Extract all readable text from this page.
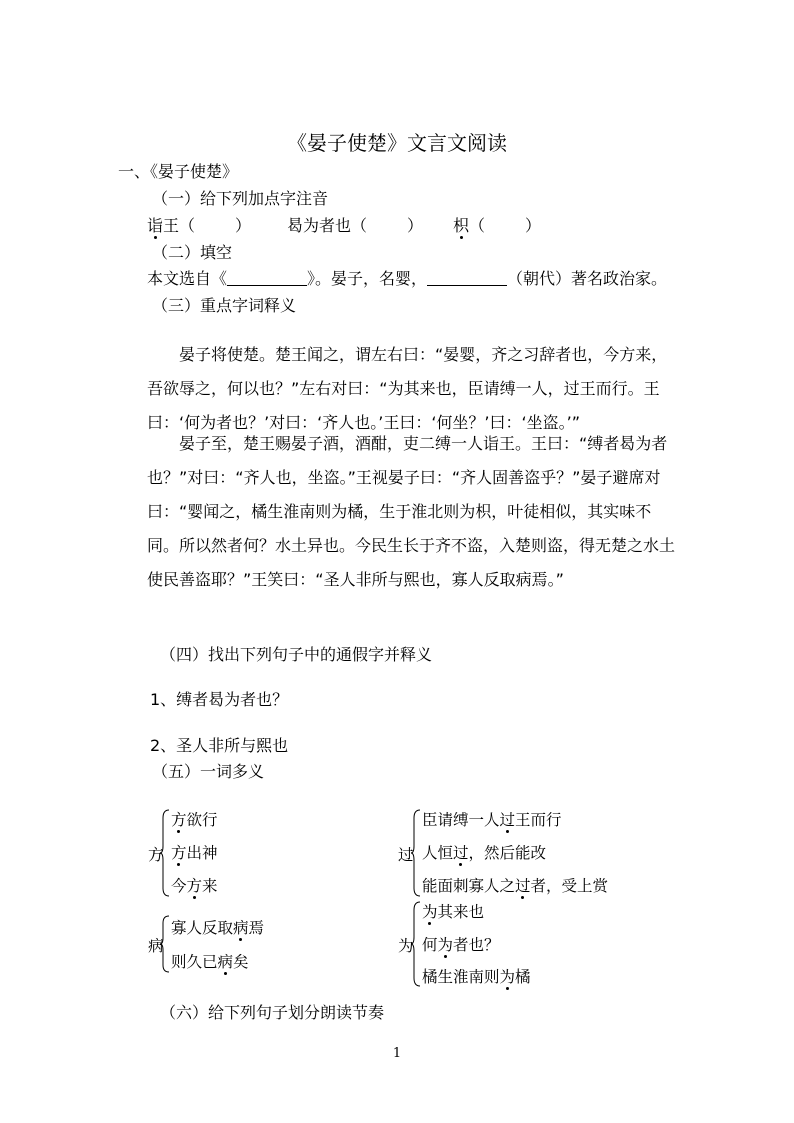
《晏子使楚》文言文阅读
一、《晏子使楚》
（一）给下列加点字注音
诣王（	） 曷为者也（	） 枳（	）
（二）填空
本文选自《	》。晏子，名婴，	（朝代）著名政治家。
（三）重点字词释义

晏子将使楚。楚王闻之，谓左右曰：“晏婴，齐之习辞者也，今方来，吾欲辱之，何以也？”左右对曰：“为其来也，臣请缚一人，过王而行。王曰：‘何为者也？’对曰：‘齐人也。’王曰：‘何坐？’曰：‘坐盗。’”

晏子至，楚王赐晏子酒，酒酣，吏二缚一人诣王。王曰：“缚者曷为者也？”对曰：“齐人也，坐盗。”王视晏子曰：“齐人固善盗乎？”晏子避席对曰：“婴闻之，橘生淮南则为橘，生于淮北则为枳，叶徒相似，其实味不同。所以然者何？水土异也。今民生长于齐不盗，入楚则盗，得无楚之水土使民善盗耶？”王笑曰：“圣人非所与熙也，寡人反取病焉。”

（四）找出下列句子中的通假字并释义
1、缚者曷为者也？
2、圣人非所与熙也
（五）一词多义
方
方欲行
方出神
今方来
过
臣请缚一人过王而行
人恒过，然后能改
能面刺寡人之过者，受上赏
病
寡人反取病焉
则久已病矣
为
为其来也
何为者也？
橘生淮南则为橘
（六）给下列句子划分朗读节奏
1
